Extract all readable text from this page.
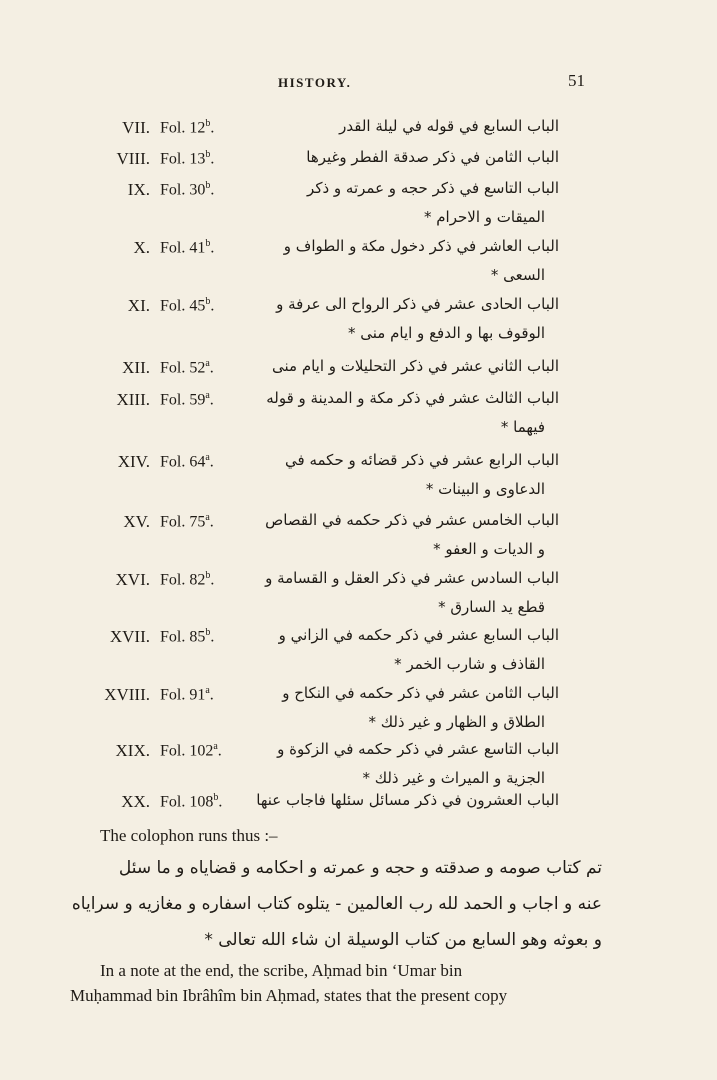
HISTORY.	51
VII. Fol. 12$^b$.	الباب السابع في قوله في ليلة القدر
VIII. Fol. 13$^b$.	الباب الثامن في ذكر صدقة الفطر وغيرها
IX. Fol. 30$^b$.	الباب التاسع في ذكر حجه و عمرته و ذكر
الميقات و الاحرام *
X. Fol. 41$^b$.	الباب العاشر في ذكر دخول مكة و الطواف و
السعى *
XI. Fol. 45$^b$.	الباب الحادى عشر في ذكر الرواح الى عرفة و
الوقوف بها و الدفع و ايام منى *
XII. Fol. 52$^a$.	الباب الثاني عشر في ذكر التحليلات و ايام منى
XIII. Fol. 59$^a$.	الباب الثالث عشر في ذكر مكة و المدينة و قوله
فيهما *
XIV. Fol. 64$^a$.	الباب الرابع عشر في ذكر قضائه و حكمه في
الدعاوى و البينات *
XV. Fol. 75$^a$.	الباب الخامس عشر في ذكر حكمه في القصاص
و الديات و العفو *
XVI. Fol. 82$^b$.	الباب السادس عشر في ذكر العقل و القسامة و
قطع يد السارق *
XVII. Fol. 85$^b$.	الباب السابع عشر في ذكر حكمه في الزاني و
القاذف و شارب الخمر *
XVIII. Fol. 91$^a$.	الباب الثامن عشر في ذكر حكمه في النكاح و
الطلاق و الظهار و غير ذلك *
XIX. Fol. 102$^a$.	الباب التاسع عشر في ذكر حكمه في الزكوة و
الجزية و الميراث و غير ذلك *
XX. Fol. 108$^b$.	الباب العشرون في ذكر مسائل سئلها فاجاب عنها
The colophon runs thus :–
تم كتاب صومه و صدقته و حجه و عمرته و احكامه و قضاياه و ما سئل
عنه و اجاب و الحمد لله رب العالمين - يتلوه كتاب اسفاره و مغازيه و سراياه
و بعوثه وهو السابع من كتاب الوسيلة ان شاء الله تعالى *
In a note at the end, the scribe, Aḥmad bin ʻUmar bin
Muḥammad bin Ibrâhîm bin Aḥmad, states that the present copy
